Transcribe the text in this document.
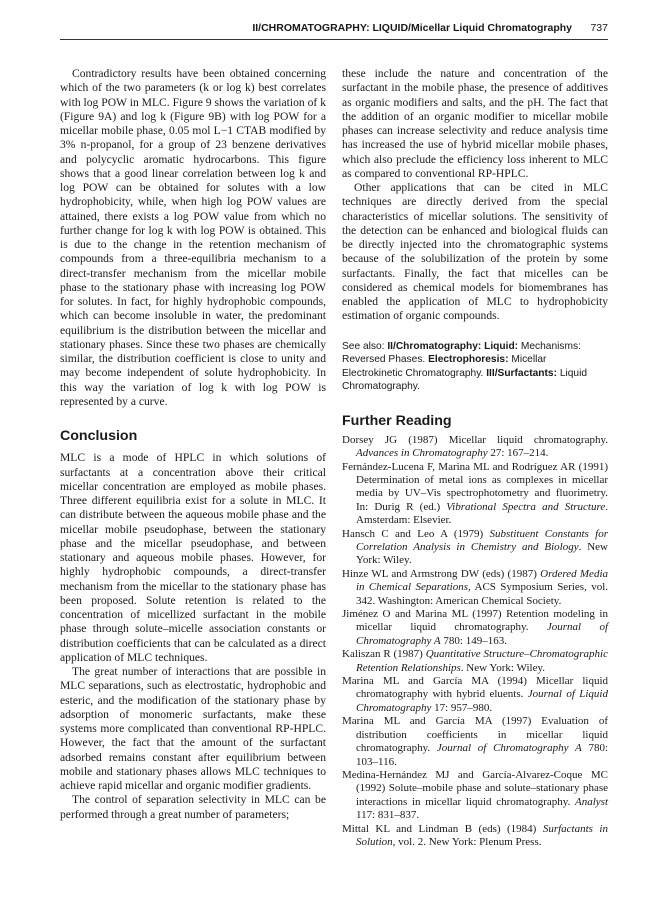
II/CHROMATOGRAPHY: LIQUID/Micellar Liquid Chromatography 737

Contradictory results have been obtained concerning which of the two parameters (k or log k) best correlates with log POW in MLC. Figure 9 shows the variation of k (Figure 9A) and log k (Figure 9B) with log POW for a micellar mobile phase, 0.05 mol L−1 CTAB modified by 3% n-propanol, for a group of 23 benzene derivatives and polycyclic aromatic hydrocarbons. This figure shows that a good linear correlation between log k and log POW can be obtained for solutes with a low hydrophobicity, while, when high log POW values are attained, there exists a log POW value from which no further change for log k with log POW is obtained. This is due to the change in the retention mechanism of compounds from a three-equilibria mechanism to a direct-transfer mechanism from the micellar mobile phase to the stationary phase with increasing log POW for solutes. In fact, for highly hydrophobic compounds, which can become insoluble in water, the predominant equilibrium is the distribution between the micellar and stationary phases. Since these two phases are chemically similar, the distribution coefficient is close to unity and may become independent of solute hydrophobicity. In this way the variation of log k with log POW is represented by a curve.

Conclusion

MLC is a mode of HPLC in which solutions of surfactants at a concentration above their critical micellar concentration are employed as mobile phases. Three different equilibria exist for a solute in MLC. It can distribute between the aqueous mobile phase and the micellar mobile pseudophase, between the stationary phase and the micellar pseudophase, and between stationary and aqueous mobile phases. However, for highly hydrophobic compounds, a direct-transfer mechanism from the micellar to the stationary phase has been proposed. Solute retention is related to the concentration of micellized surfactant in the mobile phase through solute–micelle association constants or distribution coefficients that can be calculated as a direct application of MLC techniques.

The great number of interactions that are possible in MLC separations, such as electrostatic, hydrophobic and esteric, and the modification of the stationary phase by adsorption of monomeric surfactants, make these systems more complicated than conventional RP-HPLC. However, the fact that the amount of the surfactant adsorbed remains constant after equilibrium between mobile and stationary phases allows MLC techniques to achieve rapid micellar and organic modifier gradients.

The control of separation selectivity in MLC can be performed through a great number of parameters;

these include the nature and concentration of the surfactant in the mobile phase, the presence of additives as organic modifiers and salts, and the pH. The fact that the addition of an organic modifier to micellar mobile phases can increase selectivity and reduce analysis time has increased the use of hybrid micellar mobile phases, which also preclude the efficiency loss inherent to MLC as compared to conventional RP-HPLC.

Other applications that can be cited in MLC techniques are directly derived from the special characteristics of micellar solutions. The sensitivity of the detection can be enhanced and biological fluids can be directly injected into the chromatographic systems because of the solubilization of the protein by some surfactants. Finally, the fact that micelles can be considered as chemical models for biomembranes has enabled the application of MLC to hydrophobicity estimation of organic compounds.

See also: II/Chromatography: Liquid: Mechanisms: Reversed Phases. Electrophoresis: Micellar Electrokinetic Chromatography. III/Surfactants: Liquid Chromatography.
Further Reading
Dorsey JG (1987) Micellar liquid chromatography. Advances in Chromatography 27: 167–214.
Fernández-Lucena F, Marina ML and Rodríguez AR (1991) Determination of metal ions as complexes in micellar media by UV–Vis spectrophotometry and fluorimetry. In: Durig R (ed.) Vibrational Spectra and Structure. Amsterdam: Elsevier.
Hansch C and Leo A (1979) Substituent Constants for Correlation Analysis in Chemistry and Biology. New York: Wiley.
Hinze WL and Armstrong DW (eds) (1987) Ordered Media in Chemical Separations, ACS Symposium Series, vol. 342. Washington: American Chemical Society.
Jiménez O and Marina ML (1997) Retention modeling in micellar liquid chromatography. Journal of Chromatography A 780: 149–163.
Kaliszan R (1987) Quantitative Structure–Chromatographic Retention Relationships. New York: Wiley.
Marina ML and García MA (1994) Micellar liquid chromatography with hybrid eluents. Journal of Liquid Chromatography 17: 957–980.
Marina ML and García MA (1997) Evaluation of distribution coefficients in micellar liquid chromatography. Journal of Chromatography A 780: 103–116.
Medina-Hernández MJ and García-Alvarez-Coque MC (1992) Solute–mobile phase and solute–stationary phase interactions in micellar liquid chromatography. Analyst 117: 831–837.
Mittal KL and Lindman B (eds) (1984) Surfactants in Solution, vol. 2. New York: Plenum Press.
